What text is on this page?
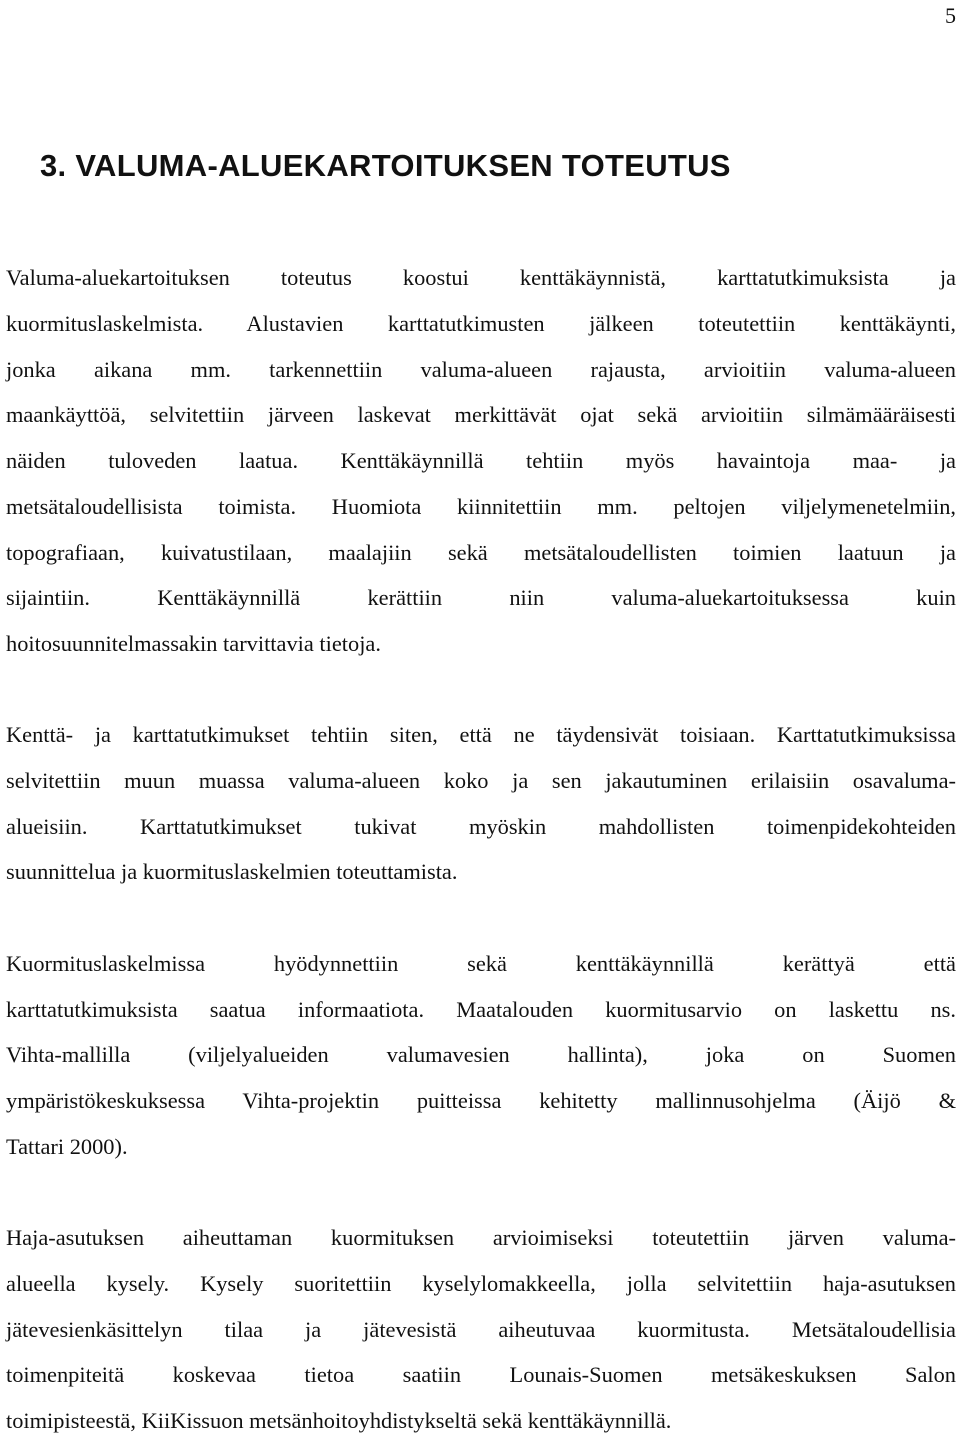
5
3. VALUMA-ALUEKARTOITUKSEN TOTEUTUS
Valuma-aluekartoituksen toteutus koostui kenttäkäynnistä, karttatutkimuksista ja
kuormituslaskelmista. Alustavien karttatutkimusten jälkeen toteutettiin kenttäkäynti,
jonka aikana mm. tarkennettiin valuma-alueen rajausta, arvioitiin valuma-alueen
maankäyttöä, selvitettiin järveen laskevat merkittävät ojat sekä arvioitiin silmämääräisesti
näiden tuloveden laatua. Kenttäkäynnillä tehtiin myös havaintoja maa- ja
metsätaloudellisista toimista. Huomiota kiinnitettiin mm. peltojen viljelymenetelmiin,
topografiaan, kuivatustilaan, maalajiin sekä metsätaloudellisten toimien laatuun ja
sijaintiin. Kenttäkäynnillä kerättiin niin valuma-aluekartoituksessa kuin
hoitosuunnitelmassakin tarvittavia tietoja.
Kenttä- ja karttatutkimukset tehtiin siten, että ne täydensivät toisiaan. Karttatutkimuksissa
selvitettiin muun muassa valuma-alueen koko ja sen jakautuminen erilaisiin osavaluma-
alueisiin. Karttatutkimukset tukivat myöskin mahdollisten toimenpidekohteiden
suunnittelua ja kuormituslaskelmien toteuttamista.
Kuormituslaskelmissa hyödynnettiin sekä kenttäkäynnillä kerättyä että
karttatutkimuksista saatua informaatiota. Maatalouden kuormitusarvio on laskettu ns.
Vihta-mallilla (viljelyalueiden valumavesien hallinta), joka on Suomen
ympäristökeskuksessa Vihta-projektin puitteissa kehitetty mallinnusohjelma (Äijö &
Tattari 2000).
Haja-asutuksen aiheuttaman kuormituksen arvioimiseksi toteutettiin järven valuma-
alueella kysely. Kysely suoritettiin kyselylomakkeella, jolla selvitettiin haja-asutuksen
jätevesienkäsittelyn tilaa ja jätevesistä aiheutuvaa kuormitusta. Metsätaloudellisia
toimenpiteitä koskevaa tietoa saatiin Lounais-Suomen metsäkeskuksen Salon
toimipisteestä, KiiKissuon metsänhoitoyhdistykseltä sekä kenttäkäynnillä.
